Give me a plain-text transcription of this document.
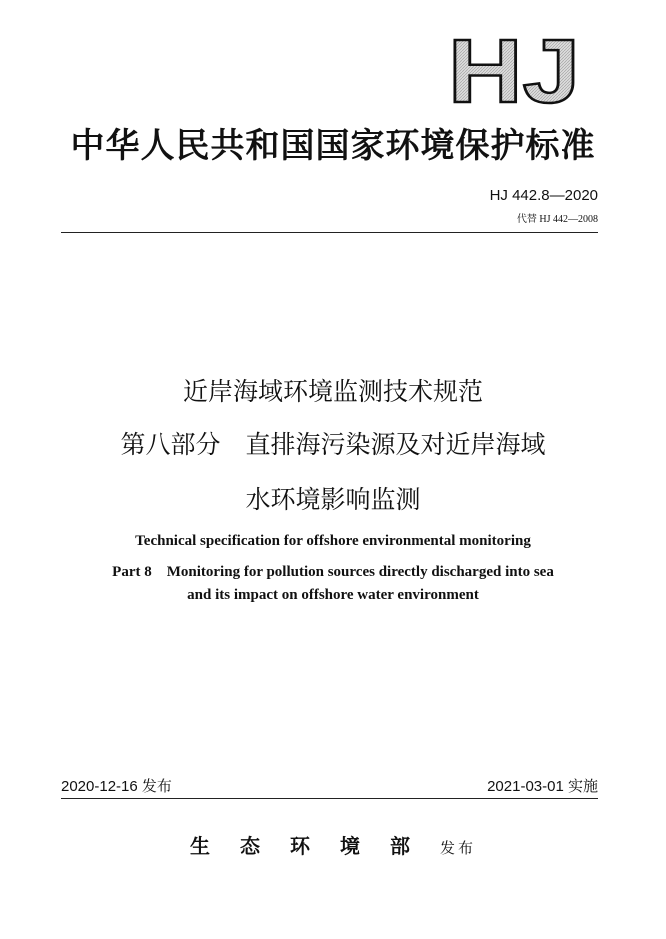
HJ
中华人民共和国国家环境保护标准
HJ 442.8—2020
代替 HJ 442—2008
近岸海域环境监测技术规范
第八部分　直排海污染源及对近岸海域
水环境影响监测
Technical specification for offshore environmental monitoring
Part 8　Monitoring for pollution sources directly discharged into sea
and its impact on offshore water environment
2020-12-16 发布	2021-03-01 实施
生态环境部发布
